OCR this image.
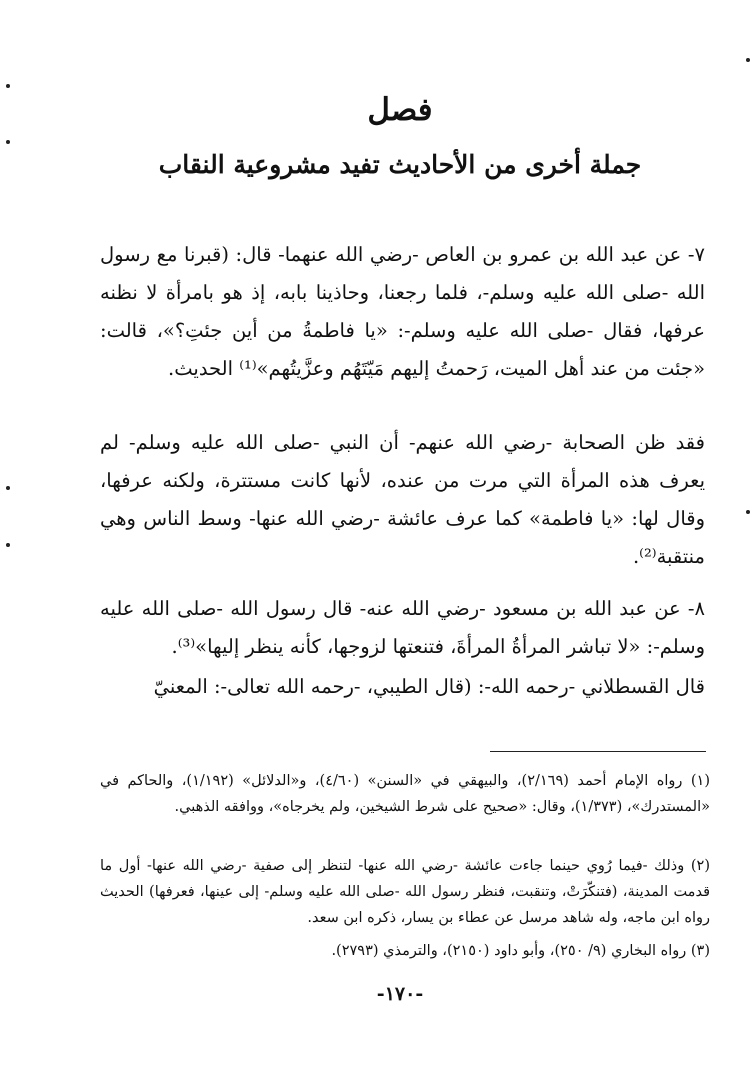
فصل
جملة أخرى من الأحاديث تفيد مشروعية النقاب

٧- عن عبد الله بن عمرو بن العاص -رضي الله عنهما- قال: (قبرنا مع رسول الله -صلى الله عليه وسلم-، فلما رجعنا، وحاذينا بابه، إذ هو بامرأة لا نظنه عرفها، فقال -صلى الله عليه وسلم-: «يا فاطمةُ من أين جئتِ؟»، قالت: «جئت من عند أهل الميت، رَحمتُ إليهم مَيّتَهُم وعزَّيتُهم»⁽¹⁾ الحديث.

فقد ظن الصحابة -رضي الله عنهم- أن النبي -صلى الله عليه وسلم- لم يعرف هذه المرأة التي مرت من عنده، لأنها كانت مستترة، ولكنه عرفها، وقال لها: «يا فاطمة» كما عرف عائشة -رضي الله عنها- وسط الناس وهي منتقبة⁽²⁾.

٨- عن عبد الله بن مسعود -رضي الله عنه- قال رسول الله -صلى الله عليه وسلم-: «لا تباشر المرأةُ المرأةَ، فتنعتها لزوجها، كأنه ينظر إليها»⁽³⁾.

قال القسطلاني -رحمه الله-: (قال الطيبي، -رحمه الله تعالى-: المعنيّ

(١) رواه الإمام أحمد (٢/١٦٩)، والبيهقي في «السنن» (٤/٦٠)، و«الدلائل» (١/١٩٢)، والحاكم في «المستدرك»، (١/٣٧٣)، وقال: «صحيح على شرط الشيخين، ولم يخرجاه»، ووافقه الذهبي.

(٢) وذلك -فيما رُوي حينما جاءت عائشة -رضي الله عنها- لتنظر إلى صفية -رضي الله عنها- أول ما قدمت المدينة، (فتنكّرَتْ، وتنقبت، فنظر رسول الله -صلى الله عليه وسلم- إلى عينها، فعرفها) الحديث رواه ابن ماجه، وله شاهد مرسل عن عطاء بن يسار، ذكره ابن سعد.

(٣) رواه البخاري (٩/ ٢٥٠)، وأبو داود (٢١٥٠)، والترمذي (٢٧٩٣).

-١٧٠-
